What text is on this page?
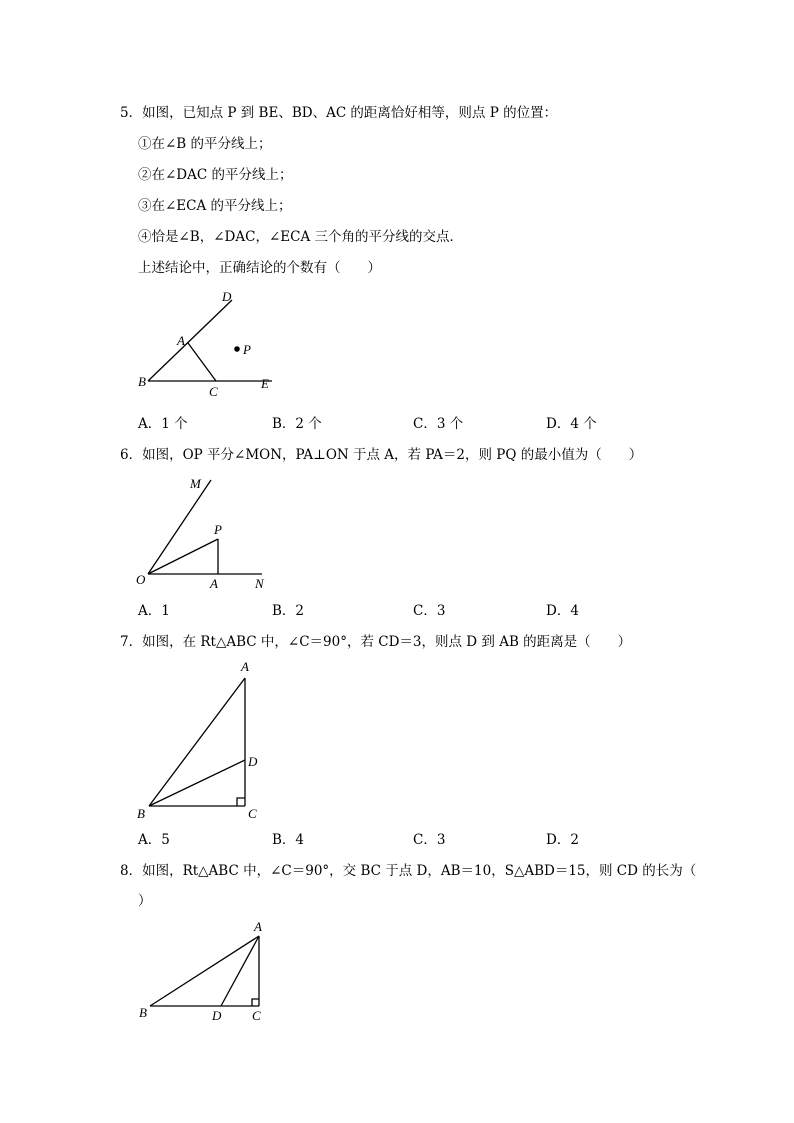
5．如图，已知点 P 到 BE、BD、AC 的距离恰好相等，则点 P 的位置：
①在∠B 的平分线上；
②在∠DAC 的平分线上；
③在∠ECA 的平分线上；
④恰是∠B，∠DAC，∠ECA 三个角的平分线的交点．
上述结论中，正确结论的个数有（　　）
D
A
P
B
C
E
A．1 个	B．2 个	C．3 个	D．4 个
6．如图，OP 平分∠MON，PA⊥ON 于点 A，若 PA＝2，则 PQ 的最小值为（　　）
M
P
O	A	N
A．1	B．2	C．3	D．4
7．如图，在 Rt△ABC 中，∠C＝90°，若 CD＝3，则点 D 到 AB 的距离是（　　）
A
D
B	C
A．5	B．4	C．3	D．2
8．如图，Rt△ABC 中，∠C＝90°，交 BC 于点 D，AB＝10，S△ABD＝15，则 CD 的长为（
）
A
B	D C
